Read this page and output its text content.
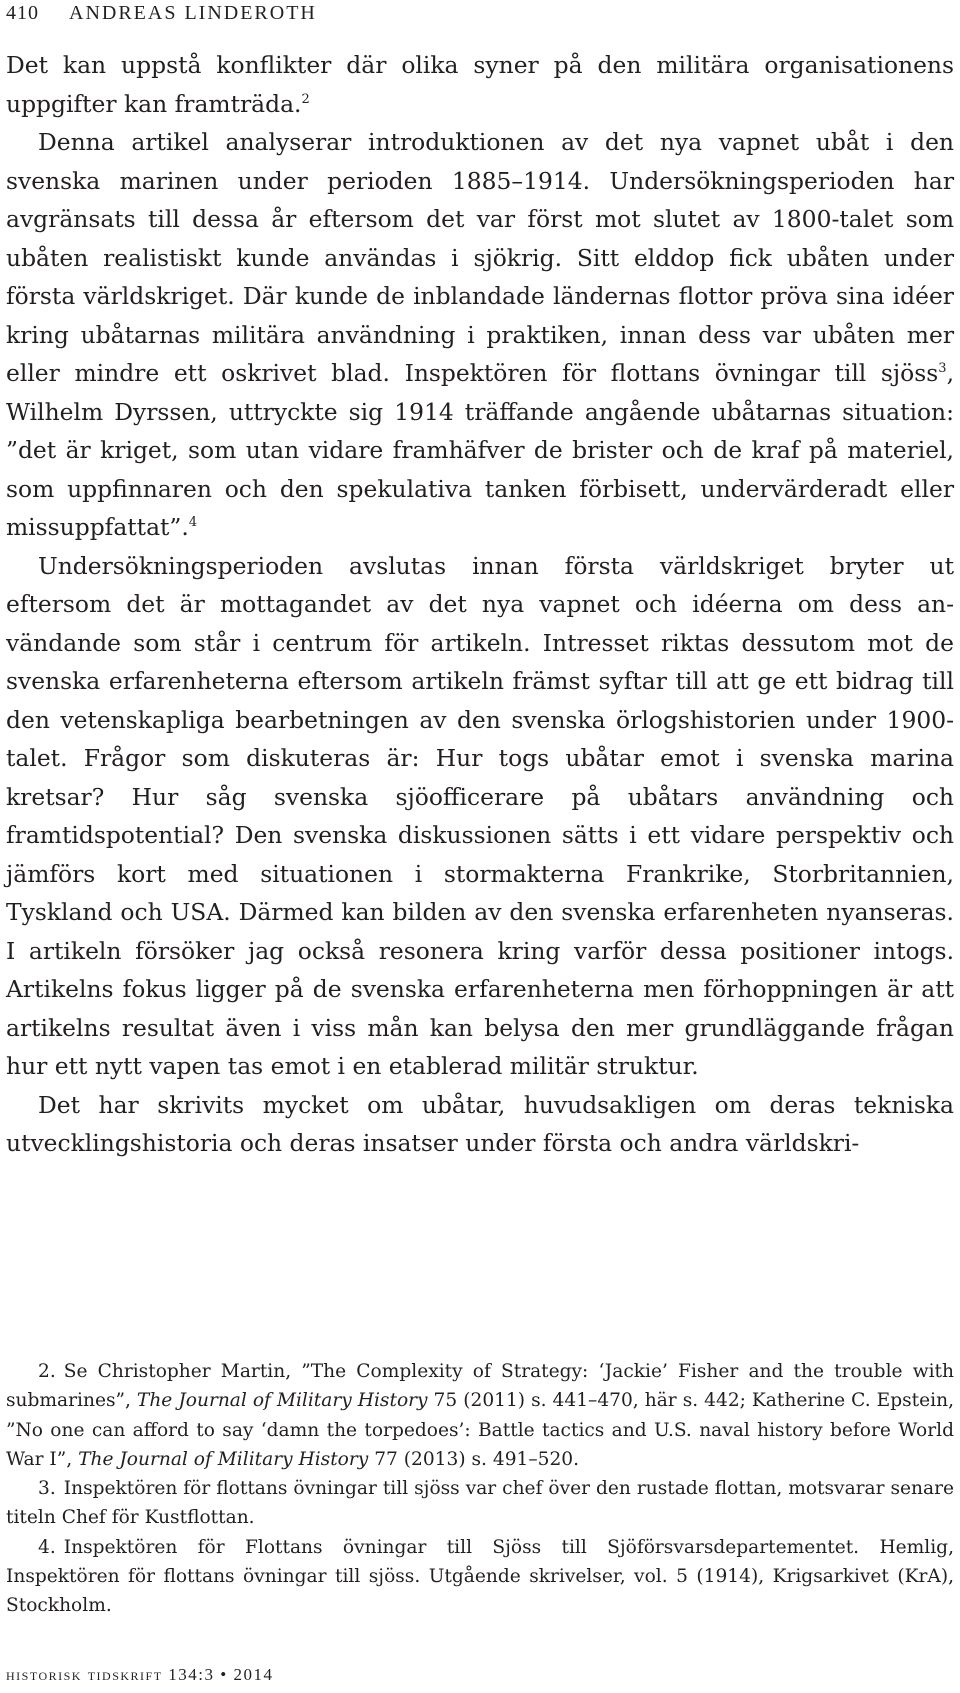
410 ANDREAS LINDEROTH

Det kan uppstå konflikter där olika syner på den militära organisationens uppgifter kan framträda.$^2$

Denna artikel analyserar introduktionen av det nya vapnet ubåt i den svenska marinen under perioden 1885–1914. Undersökningsperioden har avgränsats till dessa år eftersom det var först mot slutet av 1800-talet som ubåten realistiskt kunde användas i sjökrig. Sitt elddop fick ubåten under första världskriget. Där kunde de inblandade ländernas flottor pröva sina idéer kring ubåtarnas militära användning i praktiken, innan dess var ubåten mer eller mindre ett oskrivet blad. Inspektören för flottans övningar till sjöss$^3$, Wilhelm Dyrssen, uttryckte sig 1914 träffande angående ubåtarnas situation: ”det är kriget, som utan vidare framhäfver de brister och de kraf på materiel, som uppfinnaren och den spekulativa tanken förbisett, undervärderadt eller missuppfattat”.$^4$

Undersökningsperioden avslutas innan första världskriget bryter ut eftersom det är mottagandet av det nya vapnet och idéerna om dess användande som står i centrum för artikeln. Intresset riktas dessutom mot de svenska erfarenheterna eftersom artikeln främst syftar till att ge ett bidrag till den vetenskapliga bearbetningen av den svenska örlogshistorien under 1900-talet. Frågor som diskuteras är: Hur togs ubåtar emot i svenska marina kretsar? Hur såg svenska sjöofficerare på ubåtars användning och framtidspotential? Den svenska diskussionen sätts i ett vidare perspektiv och jämförs kort med situationen i stormakterna Frankrike, Storbritannien, Tyskland och USA. Därmed kan bilden av den svenska erfarenheten nyanseras. I artikeln försöker jag också resonera kring varför dessa positioner intogs. Artikelns fokus ligger på de svenska erfarenheterna men förhoppningen är att artikelns resultat även i viss mån kan belysa den mer grundläggande frågan hur ett nytt vapen tas emot i en etablerad militär struktur.

Det har skrivits mycket om ubåtar, huvudsakligen om deras tekniska utvecklingshistoria och deras insatser under första och andra världskri-

2. Se Christopher Martin, ”The Complexity of Strategy: ‘Jackie’ Fisher and the trouble with submarines”, The Journal of Military History 75 (2011) s. 441–470, här s. 442; Katherine C. Epstein, ”No one can afford to say ‘damn the torpedoes’: Battle tactics and U.S. naval history before World War I”, The Journal of Military History 77 (2013) s. 491–520.

3. Inspektören för flottans övningar till sjöss var chef över den rustade flottan, motsvarar senare titeln Chef för Kustflottan.

4. Inspektören för Flottans övningar till Sjöss till Sjöförsvarsdepartementet. Hemlig, Inspektören för flottans övningar till sjöss. Utgående skrivelser, vol. 5 (1914), Krigsarkivet (KrA), Stockholm.

historisk tidskrift 134:3 • 2014
